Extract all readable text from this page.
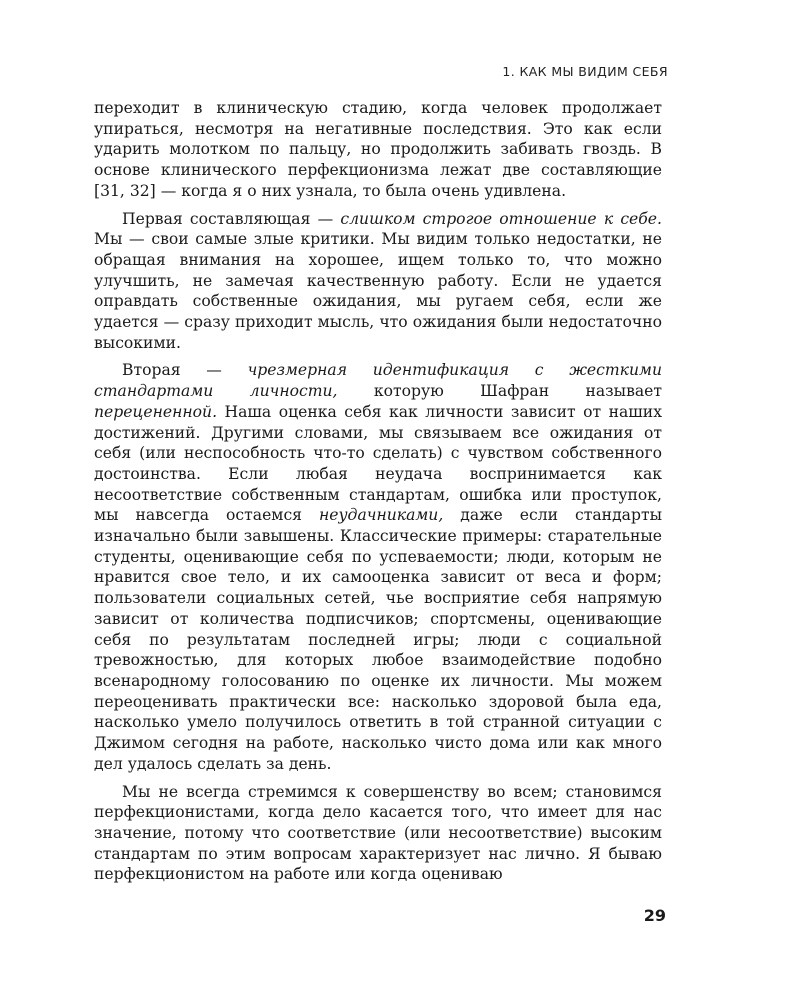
1. КАК МЫ ВИДИМ СЕБЯ

переходит в клиническую стадию, когда человек продолжает упираться, несмотря на негативные последствия. Это как если ударить молотком по пальцу, но продолжить забивать гвоздь. В основе клинического перфекционизма лежат две составляющие [31, 32] — когда я о них узнала, то была очень удивлена.

Первая составляющая — слишком строгое отношение к себе. Мы — свои самые злые критики. Мы видим только недостатки, не обращая внимания на хорошее, ищем только то, что можно улучшить, не замечая качественную работу. Если не удается оправдать собственные ожидания, мы ругаем себя, если же удается — сразу приходит мысль, что ожидания были недостаточно высокими.

Вторая — чрезмерная идентификация с жесткими стандартами личности, которую Шафран называет перецененной. Наша оценка себя как личности зависит от наших достижений. Другими словами, мы связываем все ожидания от себя (или неспособность что-то сделать) с чувством собственного достоинства. Если любая неудача воспринимается как несоответствие собственным стандартам, ошибка или проступок, мы навсегда остаемся неудачниками, даже если стандарты изначально были завышены. Классические примеры: старательные студенты, оценивающие себя по успеваемости; люди, которым не нравится свое тело, и их самооценка зависит от веса и форм; пользователи социальных сетей, чье восприятие себя напрямую зависит от количества подписчиков; спортсмены, оценивающие себя по результатам последней игры; люди с социальной тревожностью, для которых любое взаимодействие подобно всенародному голосованию по оценке их личности. Мы можем переоценивать практически все: насколько здоровой была еда, насколько умело получилось ответить в той странной ситуации с Джимом сегодня на работе, насколько чисто дома или как много дел удалось сделать за день.

Мы не всегда стремимся к совершенству во всем; становимся перфекционистами, когда дело касается того, что имеет для нас значение, потому что соответствие (или несоответствие) высоким стандартам по этим вопросам характеризует нас лично. Я бываю перфекционистом на работе или когда оцениваю

29
